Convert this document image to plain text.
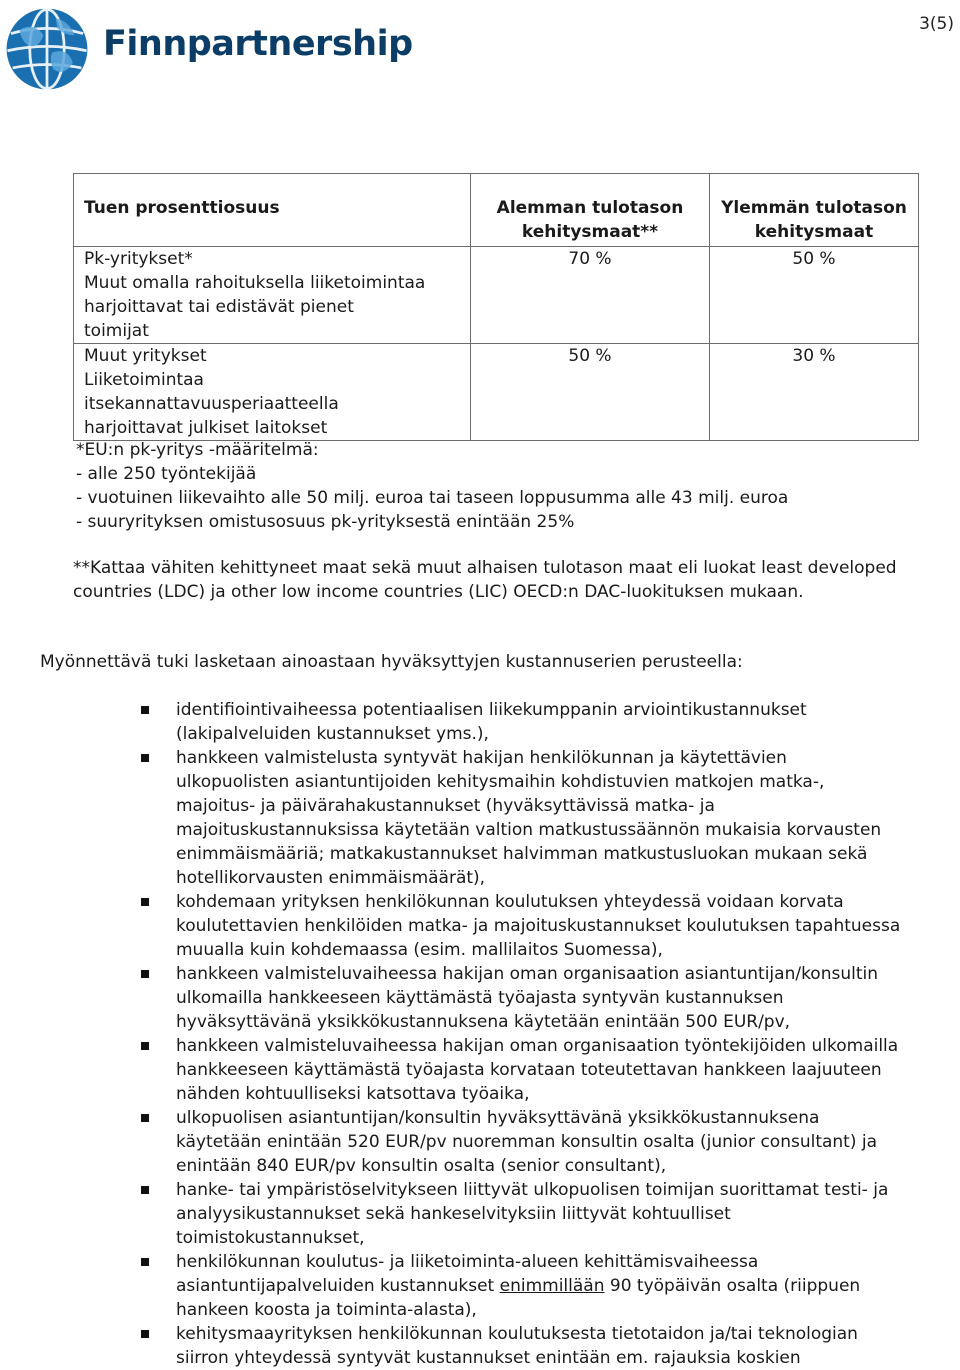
Finnpartnership	3(5)
Tuen prosenttiosuus	Alemman tulotason kehitysmaat**	Ylemmän tulotason kehitysmaat

Pk-yritykset*
Muut omalla rahoituksella liiketoimintaa
harjoittavat tai edistävät pienet
toimijat	70 %	50 %

Muut yritykset
Liiketoimintaa
itsekannattavuusperiaatteella
harjoittavat julkiset laitokset	50 %	30 %
*EU:n pk-yritys -määritelmä:
- alle 250 työntekijää
- vuotuinen liikevaihto alle 50 milj. euroa tai taseen loppusumma alle 43 milj. euroa
- suuryrityksen omistusosuus pk-yrityksestä enintään 25%
**Kattaa vähiten kehittyneet maat sekä muut alhaisen tulotason maat eli luokat least developed countries (LDC) ja other low income countries (LIC) OECD:n DAC-luokituksen mukaan.
Myönnettävä tuki lasketaan ainoastaan hyväksyttyjen kustannuserien perusteella:
identifiointivaiheessa potentiaalisen liikekumppanin arviointikustannukset
(lakipalveluiden kustannukset yms.),
hankkeen valmistelusta syntyvät hakijan henkilökunnan ja käytettävien
ulkopuolisten asiantuntijoiden kehitysmaihin kohdistuvien matkojen matka-,
majoitus- ja päivärahakustannukset (hyväksyttävissä matka- ja
majoituskustannuksissa käytetään valtion matkustussäännön mukaisia korvausten
enimmäismääriä; matkakustannukset halvimman matkustusluokan mukaan sekä
hotellikorvausten enimmäismäärät),
kohdemaan yrityksen henkilökunnan koulutuksen yhteydessä voidaan korvata
koulutettavien henkilöiden matka- ja majoituskustannukset koulutuksen tapahtuessa
muualla kuin kohdemaassa (esim. mallilaitos Suomessa),
hankkeen valmisteluvaiheessa hakijan oman organisaation asiantuntijan/konsultin
ulkomailla hankkeeseen käyttämästä työajasta syntyvän kustannuksen
hyväksyttävänä yksikkökustannuksena käytetään enintään 500 EUR/pv,
hankkeen valmisteluvaiheessa hakijan oman organisaation työntekijöiden ulkomailla
hankkeeseen käyttämästä työajasta korvataan toteutettavan hankkeen laajuuteen
nähden kohtuulliseksi katsottava työaika,
ulkopuolisen asiantuntijan/konsultin hyväksyttävänä yksikkökustannuksena
käytetään enintään 520 EUR/pv nuoremman konsultin osalta (junior consultant) ja
enintään 840 EUR/pv konsultin osalta (senior consultant),
hanke- tai ympäristöselvitykseen liittyvät ulkopuolisen toimijan suorittamat testi- ja
analyysikustannukset sekä hankeselvityksiin liittyvät kohtuulliset
toimistokustannukset,
henkilökunnan koulutus- ja liiketoiminta-alueen kehittämisvaiheessa
asiantuntijapalveluiden kustannukset enimmillään 90 työpäivän osalta (riippuen
hankeen koosta ja toiminta-alasta),
kehitysmaayrityksen henkilökunnan koulutuksesta tietotaidon ja/tai teknologian
siirron yhteydessä syntyvät kustannukset enintään em. rajauksia koskien
